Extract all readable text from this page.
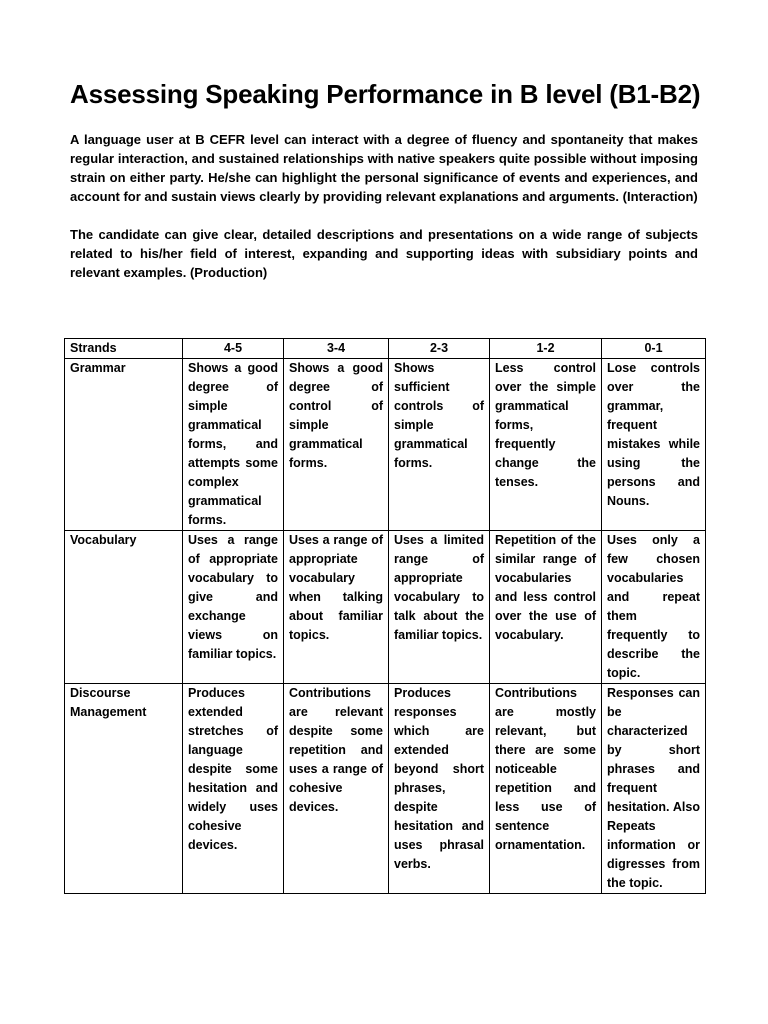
Assessing Speaking Performance in B level (B1-B2)

A language user at B CEFR level can interact with a degree of fluency and spontaneity that makes regular interaction, and sustained relationships with native speakers quite possible without imposing strain on either party. He/she can highlight the personal significance of events and experiences, and account for and sustain views clearly by providing relevant explanations and arguments. (Interaction)

The candidate can give clear, detailed descriptions and presentations on a wide range of subjects related to his/her field of interest, expanding and supporting ideas with subsidiary points and relevant examples. (Production)

Strands	4-5	3-4	2-3	1-2	0-1
Grammar	Shows a good degree of simple grammatical forms, and attempts some complex grammatical forms.	Shows a good degree of control of simple grammatical forms.	Shows sufficient controls of simple grammatical forms.	Less control over the simple grammatical forms, frequently change the tenses.	Lose controls over the grammar, frequent mistakes while using the persons and Nouns.
Vocabulary	Uses a range of appropriate vocabulary to give and exchange views on familiar topics.	Uses a range of appropriate vocabulary when talking about familiar topics.	Uses a limited range of appropriate vocabulary to talk about the familiar topics.	Repetition of the similar range of vocabularies and less control over the use of vocabulary.	Uses only a few chosen vocabularies and repeat them frequently to describe the topic.
Discourse Management	Produces extended stretches of language despite some hesitation and widely uses cohesive devices.	Contributions are relevant despite some repetition and uses a range of cohesive devices.	Produces responses which are extended beyond short phrases, despite hesitation and uses phrasal verbs.	Contributions are mostly relevant, but there are some noticeable repetition and less use of sentence ornamentation.	Responses can be characterized by short phrases and frequent hesitation. Also Repeats information or digresses from the topic.
